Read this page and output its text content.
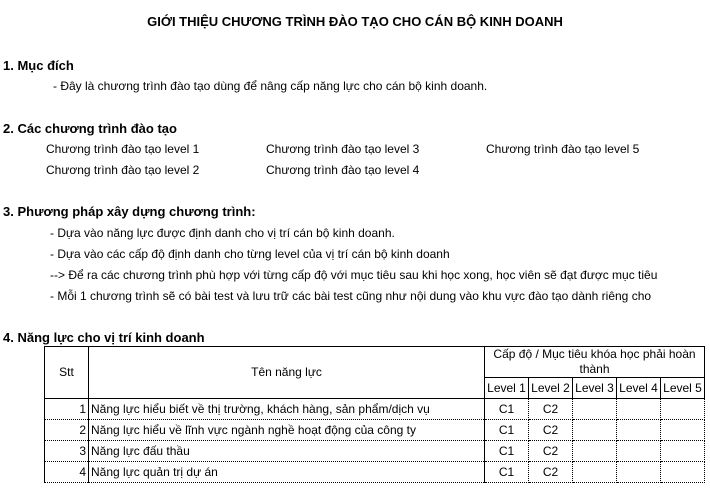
GIỚI THIỆU CHƯƠNG TRÌNH ĐÀO TẠO CHO CÁN BỘ KINH DOANH
1. Mục đích
- Đây là chương trình đào tạo dùng để nâng cấp năng lực cho cán bộ kinh doanh.
2. Các chương trình đào tạo
Chương trình đào tạo level 1	Chương trình đào tạo level 3	Chương trình đào tạo level 5
Chương trình đào tạo level 2	Chương trình đào tạo level 4
3. Phương pháp xây dựng chương trình:
- Dựa vào năng lực được định danh cho vị trí cán bộ kinh doanh.
- Dựa vào các cấp độ định danh cho từng level của vị trí cán bộ kinh doanh
--> Để ra các chương trình phù hợp với từng cấp độ với mục tiêu sau khi học xong, học viên sẽ đạt được mục tiêu
- Mỗi 1 chương trình sẽ có bài test và lưu trữ các bài test cũng như nội dung vào khu vực đào tạo dành riêng cho
4. Năng lực cho vị trí kinh doanh
Stt	Tên năng lực	Cấp độ / Mục tiêu khóa học phải hoàn thành				
		Level 1	Level 2	Level 3	Level 4	Level 5
1	Năng lực hiểu biết về thị trường, khách hàng, sản phẩm/dịch vụ	C1	C2			
2	Năng lực hiểu về lĩnh vực ngành nghề hoạt động của công ty	C1	C2			
3	Năng lực đấu thầu	C1	C2			
4	Năng lực quản trị dự án	C1	C2			
